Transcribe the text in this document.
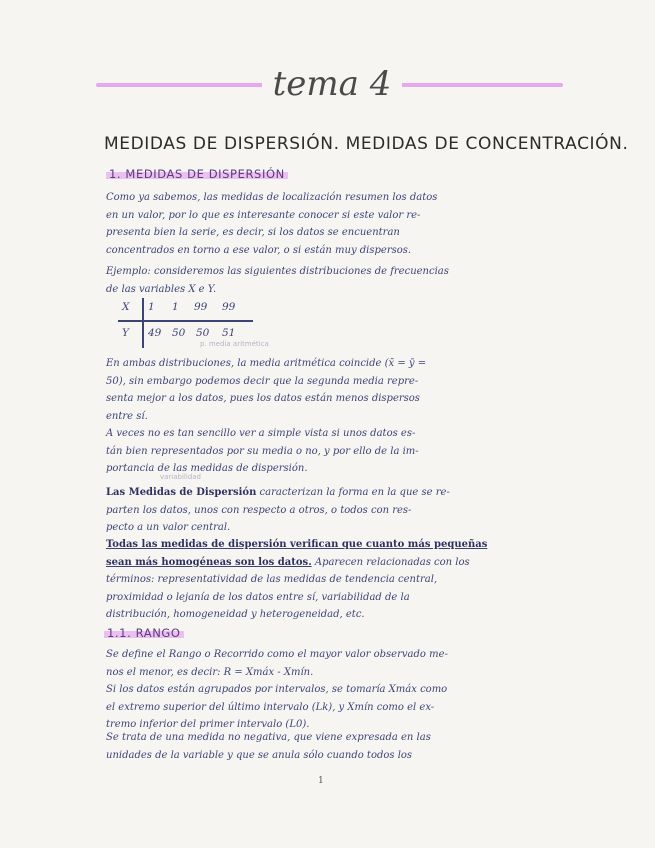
tema 4
MEDIDAS DE DISPERSIÓN. MEDIDAS DE CONCENTRACIÓN.
1. MEDIDAS DE DISPERSIÓN
Como ya sabemos, las medidas de localización resumen los datos
en un valor, por lo que es interesante conocer si este valor re-
presenta bien la serie, es decir, si los datos se encuentran
concentrados en torno a ese valor, o si están muy dispersos.
Ejemplo: consideremos las siguientes distribuciones de frecuencias
de las variables X e Y.
X 1 1 99 99
Y 49 50 50 51
p. media aritmética
En ambas distribuciones, la media aritmética coincide (x̄ = ȳ =
50), sin embargo podemos decir que la segunda media repre-
senta mejor a los datos, pues los datos están menos dispersos
entre sí.
A veces no es tan sencillo ver a simple vista si unos datos es-
tán bien representados por su media o no, y por ello de la im-
portancia de las medidas de dispersión.
variabilidad
Las Medidas de Dispersión caracterizan la forma en la que se re-
parten los datos, unos con respecto a otros, o todos con res-
pecto a un valor central.
Todas las medidas de dispersión verifican que cuanto más pequeñas
sean más homogéneas son los datos. Aparecen relacionadas con los
términos: representatividad de las medidas de tendencia central,
proximidad o lejanía de los datos entre sí, variabilidad de la
distribución, homogeneidad y heterogeneidad, etc.
1.1. RANGO
Se define el Rango o Recorrido como el mayor valor observado me-
nos el menor, es decir: R = Xmáx - Xmín.
Si los datos están agrupados por intervalos, se tomaría Xmáx como
el extremo superior del último intervalo (Lk), y Xmín como el ex-
tremo inferior del primer intervalo (L0).
Se trata de una medida no negativa, que viene expresada en las
unidades de la variable y que se anula sólo cuando todos los
1
